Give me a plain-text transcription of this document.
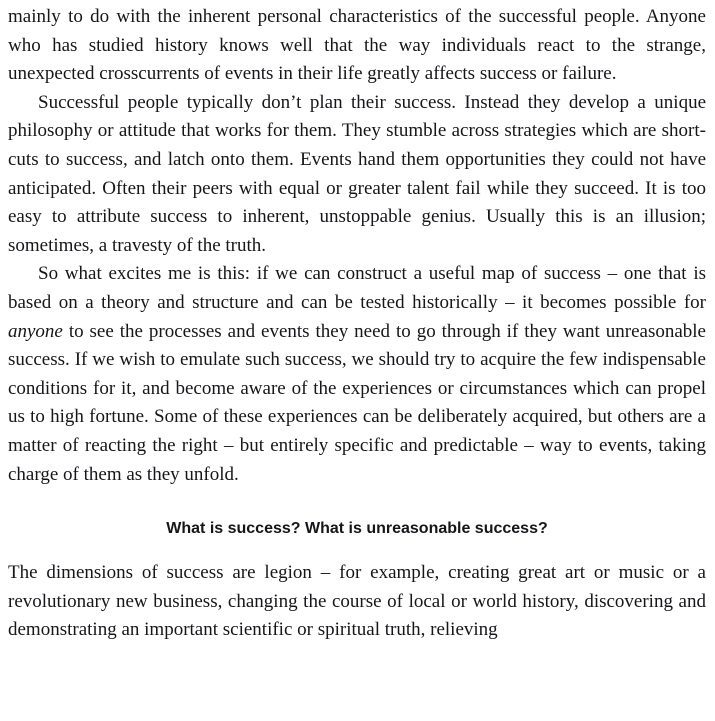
mainly to do with the inherent personal characteristics of the successful people. Anyone who has studied history knows well that the way individuals react to the strange, unexpected crosscurrents of events in their life greatly affects success or failure.

Successful people typically don’t plan their success. Instead they develop a unique philosophy or attitude that works for them. They stumble across strategies which are short-cuts to success, and latch onto them. Events hand them opportunities they could not have anticipated. Often their peers with equal or greater talent fail while they succeed. It is too easy to attribute success to inherent, unstoppable genius. Usually this is an illusion; sometimes, a travesty of the truth.

So what excites me is this: if we can construct a useful map of success – one that is based on a theory and structure and can be tested historically – it becomes possible for anyone to see the processes and events they need to go through if they want unreasonable success. If we wish to emulate such success, we should try to acquire the few indispensable conditions for it, and become aware of the experiences or circumstances which can propel us to high fortune. Some of these experiences can be deliberately acquired, but others are a matter of reacting the right – but entirely specific and predictable – way to events, taking charge of them as they unfold.

What is success? What is unreasonable success?

The dimensions of success are legion – for example, creating great art or music or a revolutionary new business, changing the course of local or world history, discovering and demonstrating an important scientific or spiritual truth, relieving
